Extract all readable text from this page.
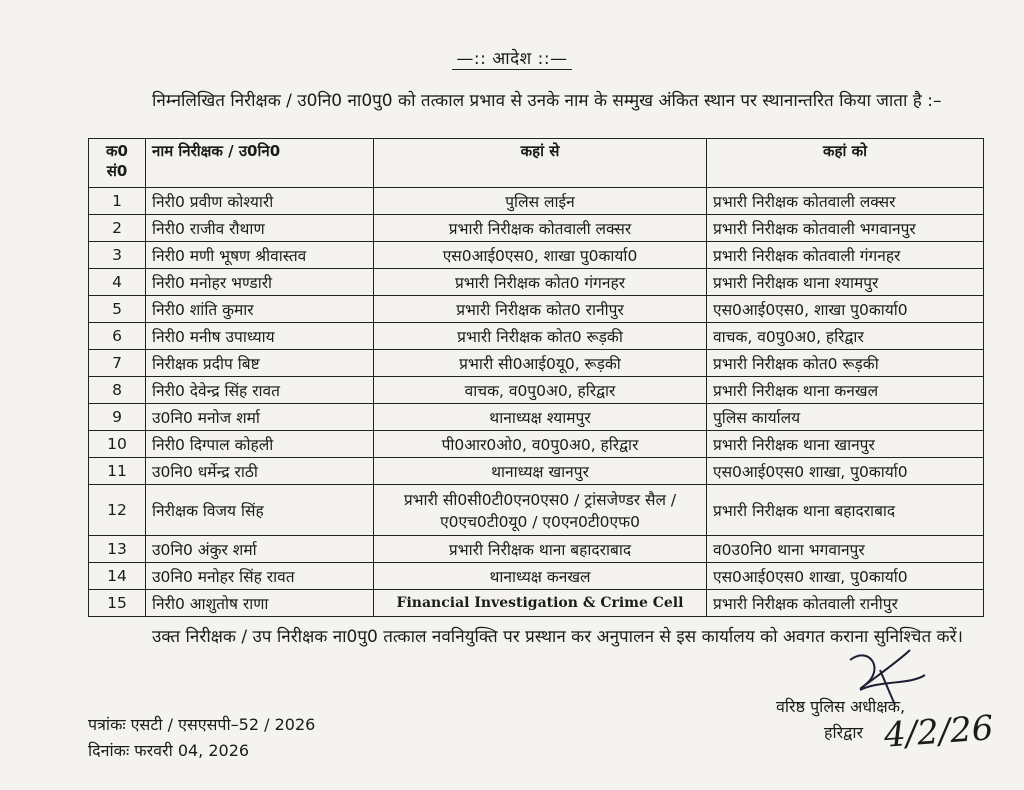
—:: आदेश ::—
निम्नलिखित निरीक्षक / उ0नि0 ना0पु0 को तत्काल प्रभाव से उनके नाम के सम्मुख अंकित स्थान पर स्थानान्तरित किया जाता है :–
क0 सं0	नाम निरीक्षक / उ0नि0	कहां से	कहां को
1	निरी0 प्रवीण कोश्यारी	पुलिस लाईन	प्रभारी निरीक्षक कोतवाली लक्सर
2	निरी0 राजीव रौथाण	प्रभारी निरीक्षक कोतवाली लक्सर	प्रभारी निरीक्षक कोतवाली भगवानपुर
3	निरी0 मणी भूषण श्रीवास्तव	एस0आई0एस0, शाखा पु0कार्या0	प्रभारी निरीक्षक कोतवाली गंगनहर
4	निरी0 मनोहर भण्डारी	प्रभारी निरीक्षक कोत0 गंगनहर	प्रभारी निरीक्षक थाना श्यामपुर
5	निरी0 शांति कुमार	प्रभारी निरीक्षक कोत0 रानीपुर	एस0आई0एस0, शाखा पु0कार्या0
6	निरी0 मनीष उपाध्याय	प्रभारी निरीक्षक कोत0 रूड़की	वाचक, व0पु0अ0, हरिद्वार
7	निरीक्षक प्रदीप बिष्ट	प्रभारी सी0आई0यू0, रूड़की	प्रभारी निरीक्षक कोत0 रूड़की
8	निरी0 देवेन्द्र सिंह रावत	वाचक, व0पु0अ0, हरिद्वार	प्रभारी निरीक्षक थाना कनखल
9	उ0नि0 मनोज शर्मा	थानाध्यक्ष श्यामपुर	पुलिस कार्यालय
10	निरी0 दिग्पाल कोहली	पी0आर0ओ0, व0पु0अ0, हरिद्वार	प्रभारी निरीक्षक थाना खानपुर
11	उ0नि0 धर्मेन्द्र राठी	थानाध्यक्ष खानपुर	एस0आई0एस0 शाखा, पु0कार्या0
12	निरीक्षक विजय सिंह	प्रभारी सी0सी0टी0एन0एस0 / ट्रांसजेण्डर सैल / ए0एच0टी0यू0 / ए0एन0टी0एफ0	प्रभारी निरीक्षक थाना बहादराबाद
13	उ0नि0 अंकुर शर्मा	प्रभारी निरीक्षक थाना बहादराबाद	व0उ0नि0 थाना भगवानपुर
14	उ0नि0 मनोहर सिंह रावत	थानाध्यक्ष कनखल	एस0आई0एस0 शाखा, पु0कार्या0
15	निरी0 आशुतोष राणा	Financial Investigation & Crime Cell	प्रभारी निरीक्षक कोतवाली रानीपुर
उक्त निरीक्षक / उप निरीक्षक ना0पु0 तत्काल नवनियुक्ति पर प्रस्थान कर अनुपालन से इस कार्यालय को अवगत कराना सुनिश्चित करें।
वरिष्ठ पुलिस अधीक्षक,
हरिद्वार 4/2/26
पत्रांकः एसटी / एसएसपी–52 / 2026
दिनांकः फरवरी 04, 2026
